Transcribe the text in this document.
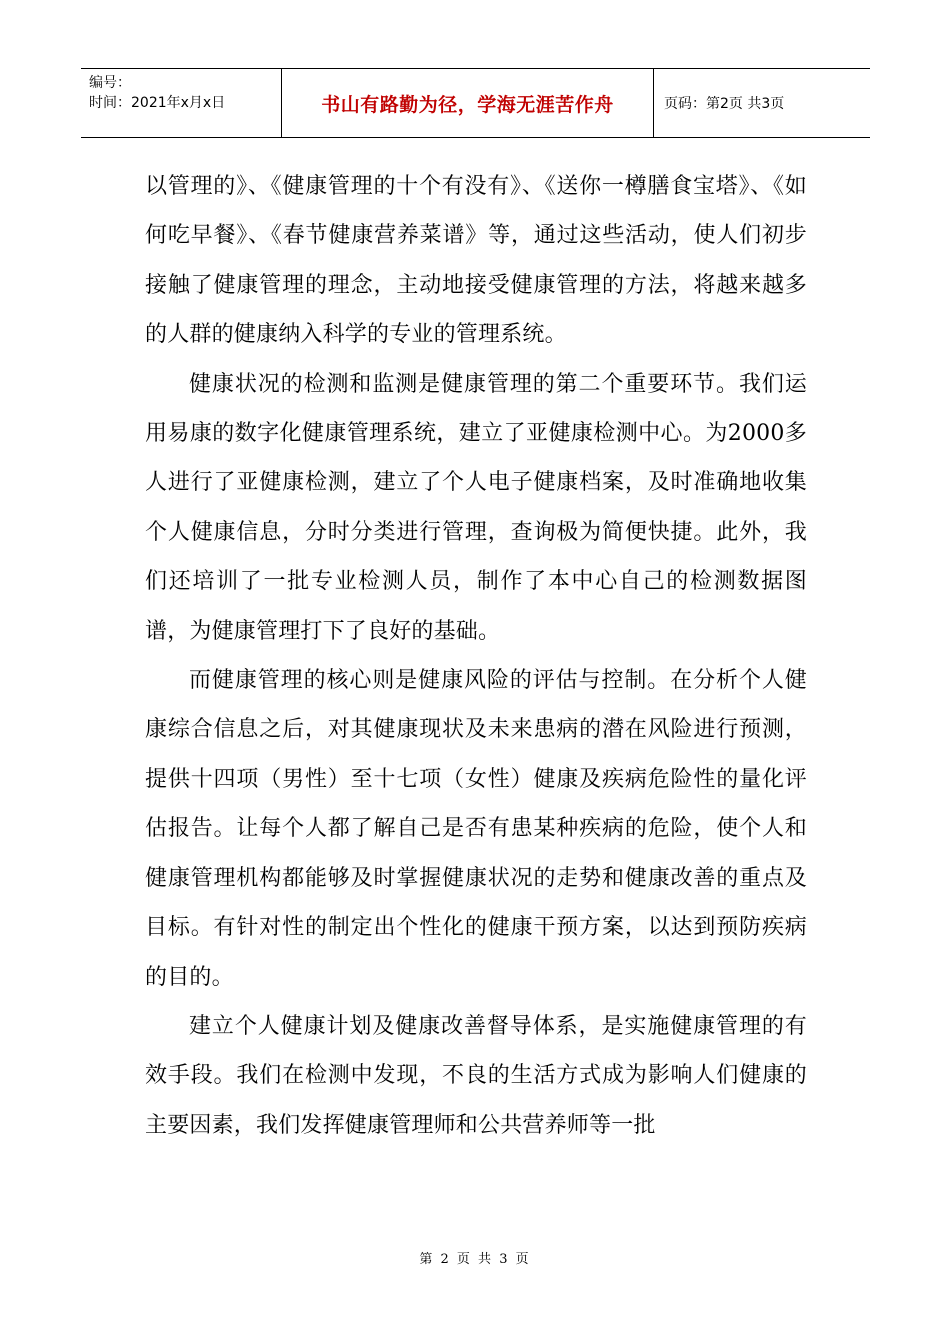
编号：
时间：2021年x月x日	书山有路勤为径，学海无涯苦作舟	页码：第2页 共3页

以管理的》、《健康管理的十个有没有》、《送你一樽膳食宝塔》、《如何吃早餐》、《春节健康营养菜谱》等，通过这些活动，使人们初步接触了健康管理的理念，主动地接受健康管理的方法，将越来越多的人群的健康纳入科学的专业的管理系统。

健康状况的检测和监测是健康管理的第二个重要环节。我们运用易康的数字化健康管理系统，建立了亚健康检测中心。为2000多人进行了亚健康检测，建立了个人电子健康档案，及时准确地收集个人健康信息，分时分类进行管理，查询极为简便快捷。此外，我们还培训了一批专业检测人员，制作了本中心自己的检测数据图谱，为健康管理打下了良好的基础。

而健康管理的核心则是健康风险的评估与控制。在分析个人健康综合信息之后，对其健康现状及未来患病的潜在风险进行预测，提供十四项（男性）至十七项（女性）健康及疾病危险性的量化评估报告。让每个人都了解自己是否有患某种疾病的危险，使个人和健康管理机构都能够及时掌握健康状况的走势和健康改善的重点及目标。有针对性的制定出个性化的健康干预方案，以达到预防疾病的目的。

建立个人健康计划及健康改善督导体系，是实施健康管理的有效手段。我们在检测中发现，不良的生活方式成为影响人们健康的主要因素，我们发挥健康管理师和公共营养师等一批

第 2 页 共 3 页
